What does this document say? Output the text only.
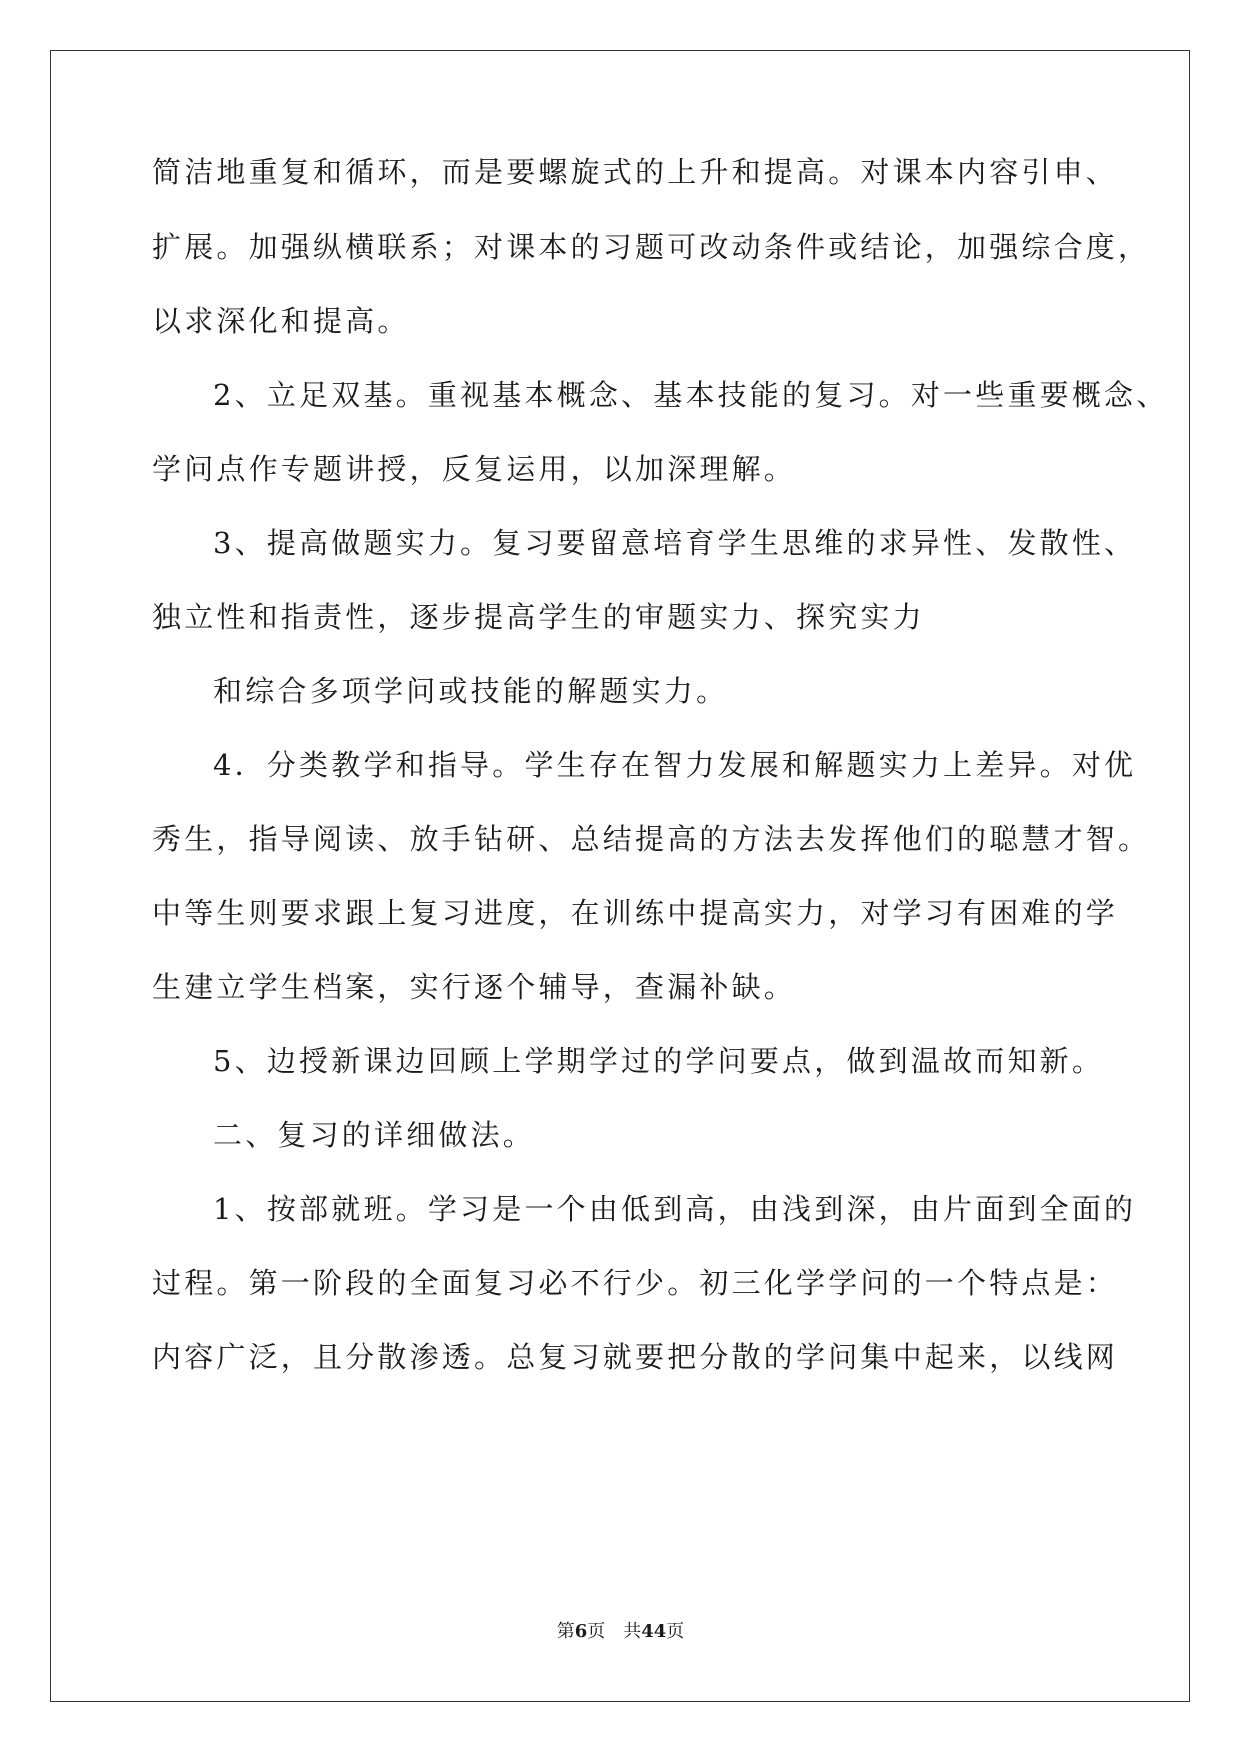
简洁地重复和循环，而是要螺旋式的上升和提高。对课本内容引申、
扩展。加强纵横联系；对课本的习题可改动条件或结论，加强综合度，
以求深化和提高。
2、立足双基。重视基本概念、基本技能的复习。对一些重要概念、
学问点作专题讲授，反复运用，以加深理解。
3、提高做题实力。复习要留意培育学生思维的求异性、发散性、
独立性和指责性，逐步提高学生的审题实力、探究实力
和综合多项学问或技能的解题实力。
4．分类教学和指导。学生存在智力发展和解题实力上差异。对优
秀生，指导阅读、放手钻研、总结提高的方法去发挥他们的聪慧才智。
中等生则要求跟上复习进度，在训练中提高实力，对学习有困难的学
生建立学生档案，实行逐个辅导，查漏补缺。
5、边授新课边回顾上学期学过的学问要点，做到温故而知新。
二、复习的详细做法。
1、按部就班。学习是一个由低到高，由浅到深，由片面到全面的
过程。第一阶段的全面复习必不行少。初三化学学问的一个特点是：
内容广泛，且分散渗透。总复习就要把分散的学问集中起来，以线网
第6页 共44页
